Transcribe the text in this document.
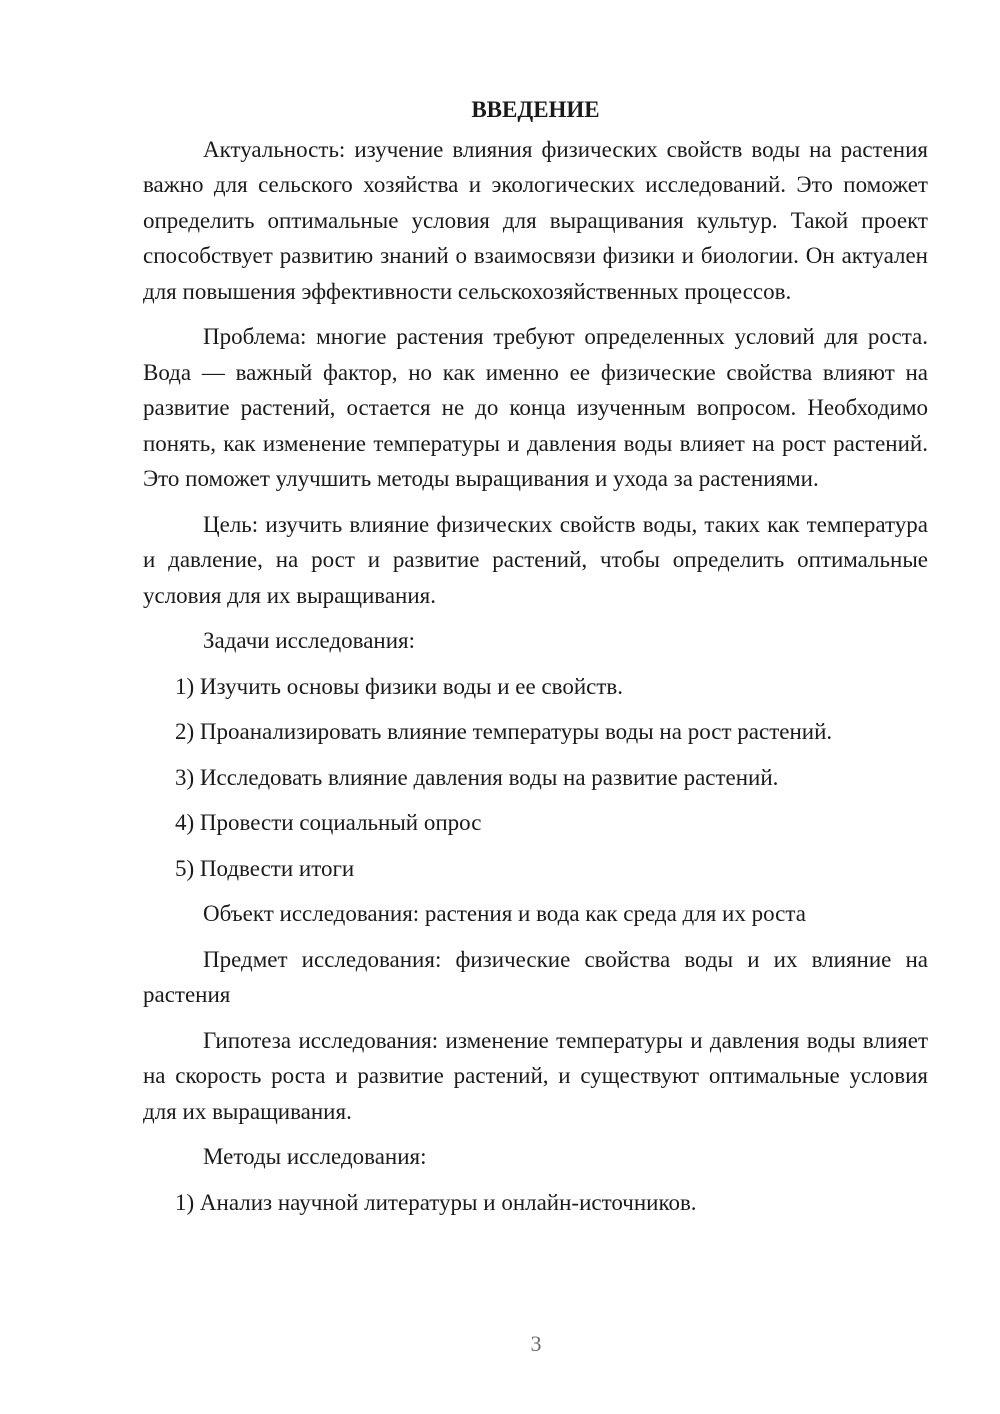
ВВЕДЕНИЕ
Актуальность: изучение влияния физических свойств воды на растения важно для сельского хозяйства и экологических исследований. Это поможет определить оптимальные условия для выращивания культур. Такой проект способствует развитию знаний о взаимосвязи физики и биологии. Он актуален для повышения эффективности сельскохозяйственных процессов.
Проблема: многие растения требуют определенных условий для роста. Вода — важный фактор, но как именно ее физические свойства влияют на развитие растений, остается не до конца изученным вопросом. Необходимо понять, как изменение температуры и давления воды влияет на рост растений. Это поможет улучшить методы выращивания и ухода за растениями.
Цель: изучить влияние физических свойств воды, таких как температура и давление, на рост и развитие растений, чтобы определить оптимальные условия для их выращивания.
Задачи исследования:
1) Изучить основы физики воды и ее свойств.
2) Проанализировать влияние температуры воды на рост растений.
3) Исследовать влияние давления воды на развитие растений.
4) Провести социальный опрос
5) Подвести итоги
Объект исследования: растения и вода как среда для их роста
Предмет исследования: физические свойства воды и их влияние на растения
Гипотеза исследования: изменение температуры и давления воды влияет на скорость роста и развитие растений, и существуют оптимальные условия для их выращивания.
Методы исследования:
1) Анализ научной литературы и онлайн-источников.
3
